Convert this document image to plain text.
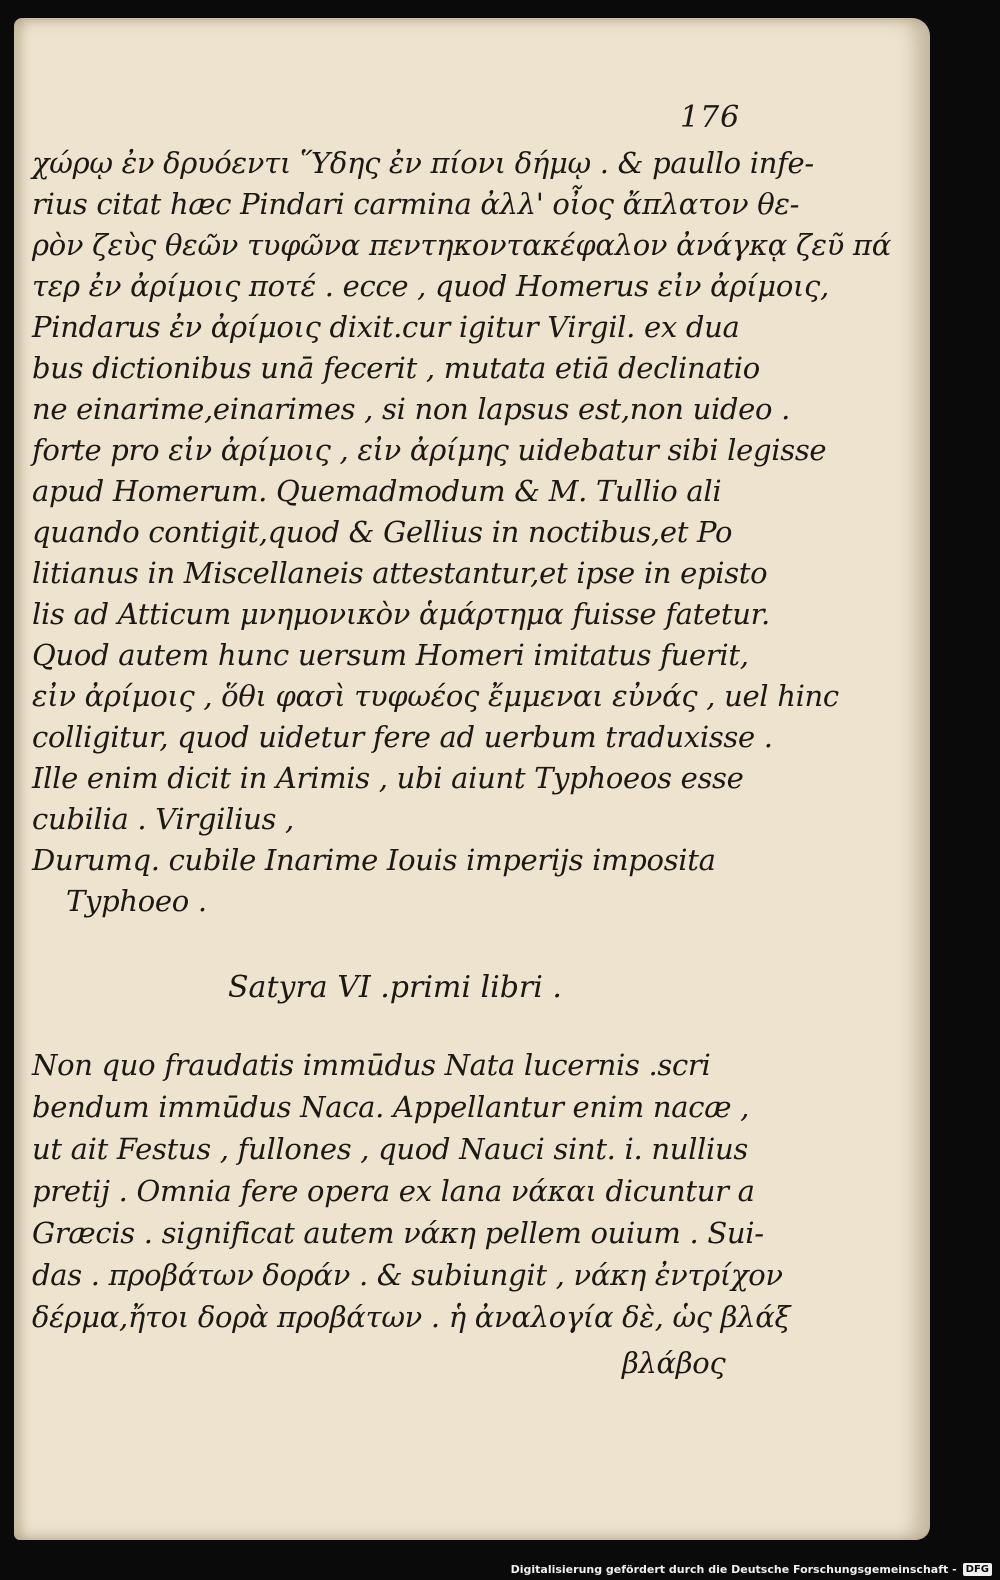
176
χώρῳ ἐν δρυόεντι Ὕδης ἐν πίονι δήμῳ . & paullo infe-
rius citat hæc Pindari carmina ἀλλ' οἶος ἄπλατον θε-
ρὸν ζεὺς θεῶν τυφῶνα πεντηκοντακέφαλον ἀνάγκᾳ ζεῦ πά
τερ ἐν ἀρίμοις ποτέ . ecce , quod Homerus εἰν ἀρίμοις,
Pindarus ἐν ἀρίμοις dixit.cur igitur Virgil. ex dua
bus dictionibus unā fecerit , mutata etiā declinatio
ne einarime,einarimes , si non lapsus est,non uideo .
forte pro εἰν ἀρίμοις , εἰν ἀρίμης uidebatur sibi legisse
apud Homerum. Quemadmodum & M. Tullio ali
quando contigit,quod & Gellius in noctibus,et Po
litianus in Miscellaneis attestantur,et ipse in episto
lis ad Atticum μνημονικὸν ἁμάρτημα fuisse fatetur.
Quod autem hunc uersum Homeri imitatus fuerit,
εἰν ἀρίμοις , ὅθι φασὶ τυφωέος ἔμμεναι εὐνάς , uel hinc
colligitur, quod uidetur fere ad uerbum traduxisse .
Ille enim dicit in Arimis , ubi aiunt Typhoeos esse
cubilia . Virgilius ,
Durumq. cubile Inarime Iouis imperijs imposita
Typhoeo .
Satyra VI .primi libri .
Non quo fraudatis immūdus Nata lucernis .scri
bendum immūdus Naca. Appellantur enim nacæ ,
ut ait Festus , fullones , quod Nauci sint. i. nullius
pretij . Omnia fere opera ex lana νάκαι dicuntur a
Græcis . significat autem νάκη pellem ouium . Sui-
das . προβάτων δοράν . & subiungit , νάκη ἐντρίχον
δέρμα,ἤτοι δορὰ προβάτων . ἡ ἀναλογία δὲ, ὡς βλάξ
βλάβος
Digitalisierung gefördert durch die Deutsche Forschungsgemeinschaft - DFG
